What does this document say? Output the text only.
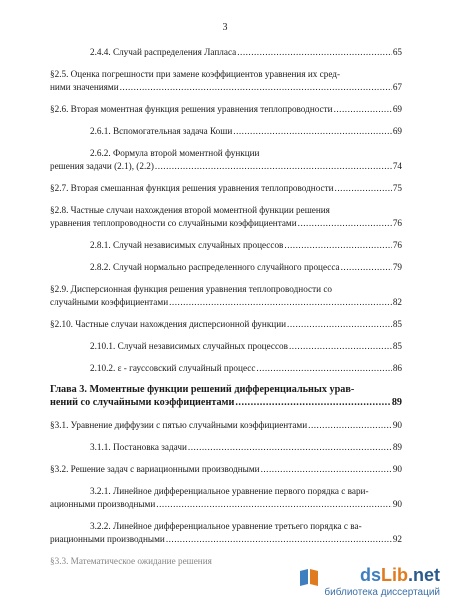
3
2.4.4. Случай распределения Лапласа .....	65
§2.5. Оценка погрешности при замене коэффициентов уравнения их сред-
ними значениями .....	67
§2.6. Вторая моментная функция решения уравнения теплопроводности .....	69
2.6.1. Вспомогательная задача Коши .....	69
2.6.2. Формула второй моментной функции
решения задачи (2.1), (2.2) .....	74
§2.7. Вторая смешанная функция решения уравнения теплопроводности .....	75
§2.8. Частные случаи нахождения второй моментной функции решения
уравнения теплопроводности со случайными коэффициентами .....	76
2.8.1. Случай независимых случайных процессов .....	76
2.8.2. Случай нормально распределенного случайного процесса .....	79
§2.9. Дисперсионная функция решения уравнения теплопроводности со
случайными коэффициентами .....	82
§2.10. Частные случаи нахождения дисперсионной функции .....	85
2.10.1. Случай независимых случайных процессов .....	85
2.10.2. ε - гауссовский случайный процесс .....	86
Глава 3. Моментные функции решений дифференциальных урав-
нений со случайными коэффициентами .....	89
§3.1. Уравнение диффузии с пятью случайными коэффициентами .....	90
3.1.1. Постановка задачи .....	89
§3.2. Решение задач с вариационными производными .....	90
3.2.1. Линейное дифференциальное уравнение первого порядка с вари-
ационными производными .....	90
3.2.2. Линейное дифференциальное уравнение третьего порядка с ва-
риационными производными .....	92
§3.3. Математическое ожидание решения
dsLib.net
библиотека диссертаций
